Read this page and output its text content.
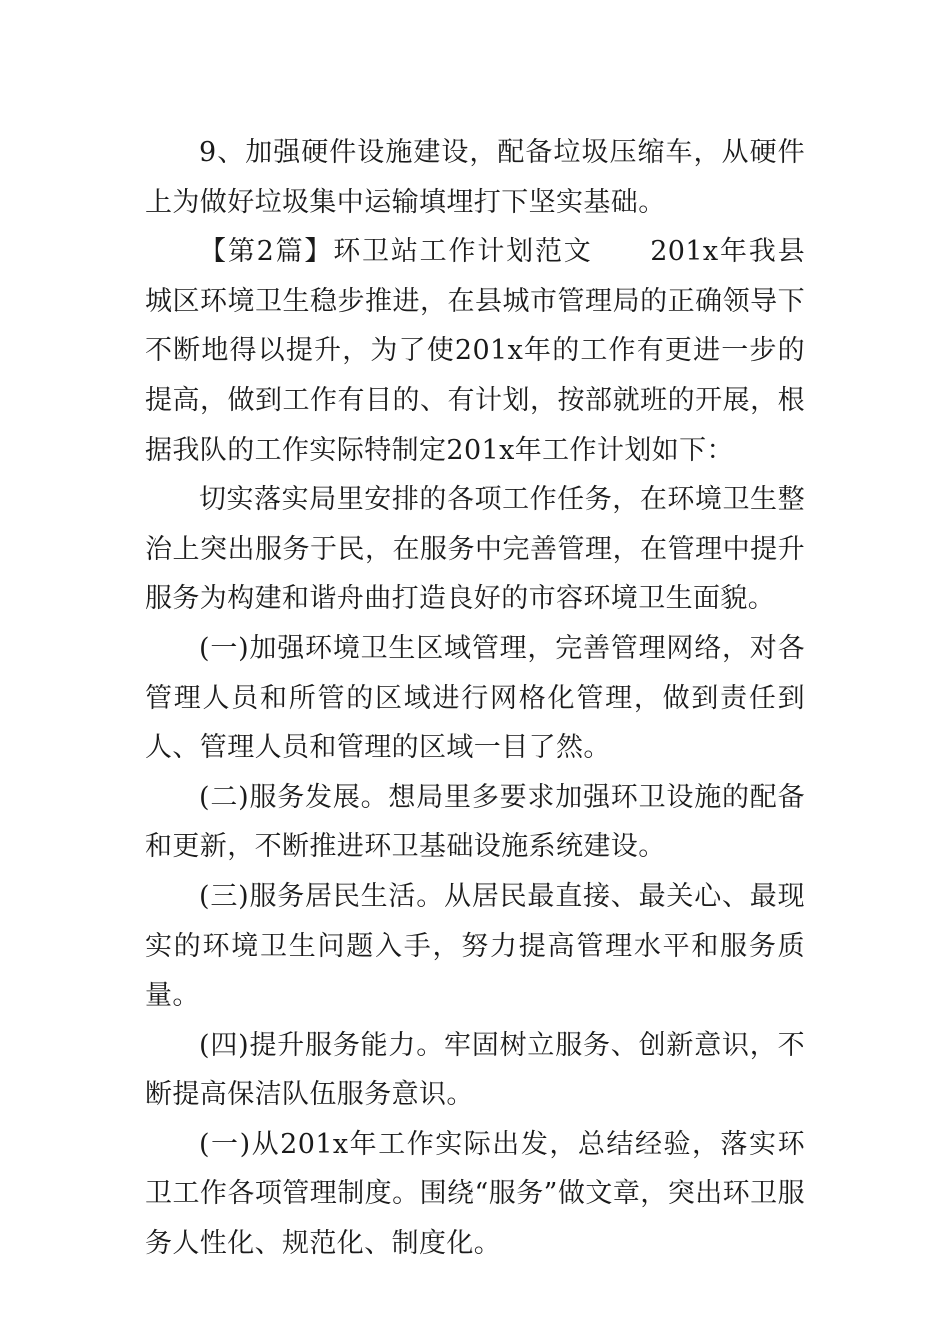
9、加强硬件设施建设，配备垃圾压缩车，从硬件上为做好垃圾集中运输填埋打下坚实基础。

【第2篇】环卫站工作计划范文　　201x年我县城区环境卫生稳步推进，在县城市管理局的正确领导下不断地得以提升，为了使201x年的工作有更进一步的提高，做到工作有目的、有计划，按部就班的开展，根据我队的工作实际特制定201x年工作计划如下：

切实落实局里安排的各项工作任务，在环境卫生整治上突出服务于民，在服务中完善管理，在管理中提升服务为构建和谐舟曲打造良好的市容环境卫生面貌。

(一)加强环境卫生区域管理，完善管理网络，对各管理人员和所管的区域进行网格化管理，做到责任到人、管理人员和管理的区域一目了然。

(二)服务发展。想局里多要求加强环卫设施的配备和更新，不断推进环卫基础设施系统建设。

(三)服务居民生活。从居民最直接、最关心、最现实的环境卫生问题入手，努力提高管理水平和服务质量。

(四)提升服务能力。牢固树立服务、创新意识，不断提高保洁队伍服务意识。

(一)从201x年工作实际出发，总结经验，落实环卫工作各项管理制度。围绕“服务”做文章，突出环卫服务人性化、规范化、制度化。
